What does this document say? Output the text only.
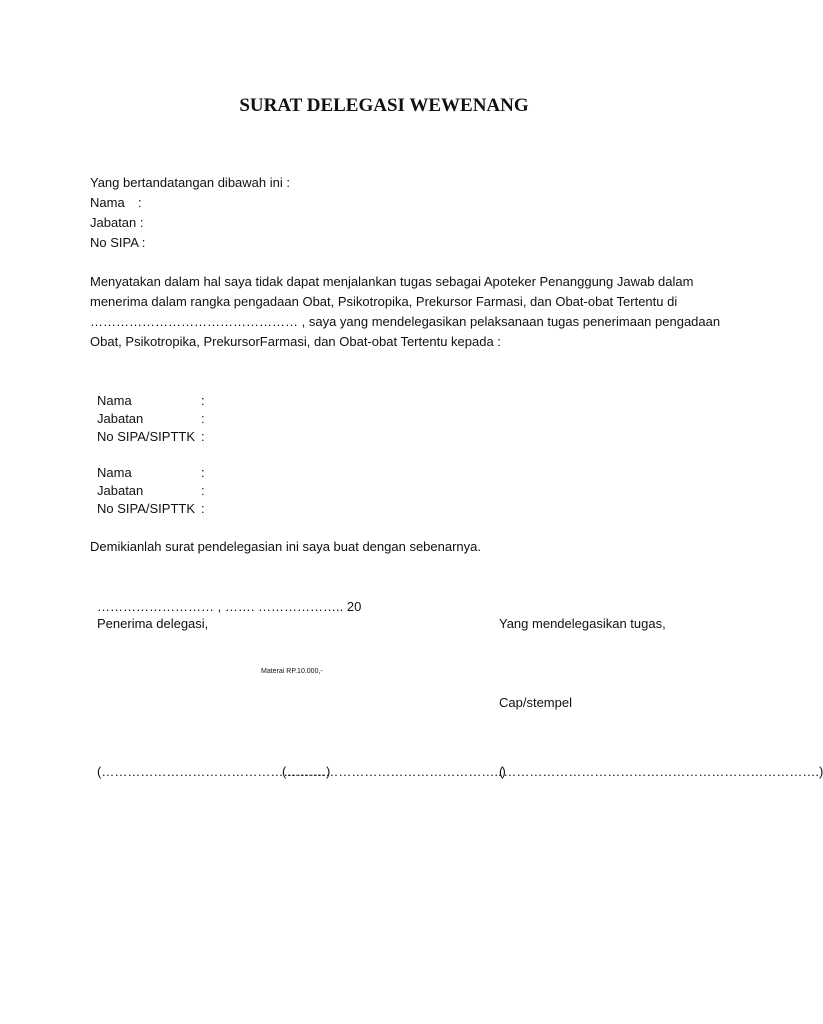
SURAT DELEGASI WEWENANG
Yang bertandatangan dibawah ini :
Nama :
Jabatan :
No SIPA :
Menyatakan dalam hal saya tidak dapat menjalankan tugas sebagai Apoteker Penanggung Jawab dalam
menerima dalam rangka pengadaan Obat, Psikotropika, Prekursor Farmasi, dan Obat-obat Tertentu di
………………………………………… , saya yang mendelegasikan pelaksanaan tugas penerimaan pengadaan
Obat, Psikotropika, PrekursorFarmasi, dan Obat-obat Tertentu kepada :
Nama	:
Jabatan	:
No SIPA/SIPTTK :
Nama	:
Jabatan	:
No SIPA/SIPTTK :
Demikianlah surat pendelegasian ini saya buat dengan sebenarnya.
……………………… , ……. ……………….. 20
Penerima delegasi,	Yang mendelegasikan tugas,
Materai RP.10.000,-
Cap/stempel
(…………………………………………….)
(…………………………………………..)
(……………………………………………………………….)
